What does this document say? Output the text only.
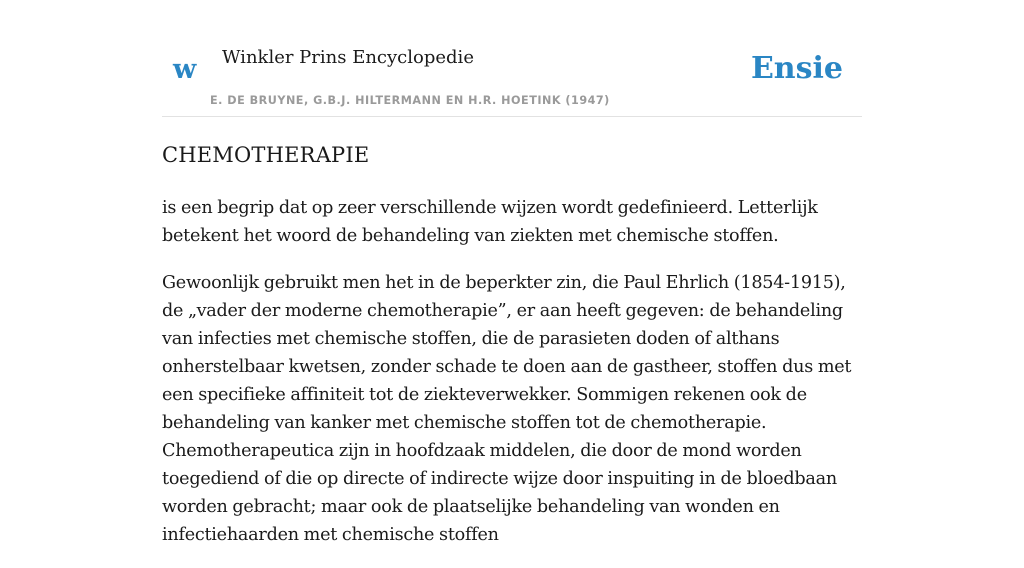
w Winkler Prins Encyclopedie
E. DE BRUYNE, G.B.J. HILTERMANN EN H.R. HOETINK (1947)
Ensie
CHEMOTHERAPIE

is een begrip dat op zeer verschillende wijzen wordt gedefinieerd. Letterlijk betekent het woord de behandeling van ziekten met chemische stoffen.

Gewoonlijk gebruikt men het in de beperkter zin, die Paul Ehrlich (1854-1915), de „vader der moderne chemotherapie”, er aan heeft gegeven: de behandeling van infecties met chemische stoffen, die de parasieten doden of althans onherstelbaar kwetsen, zonder schade te doen aan de gastheer, stoffen dus met een specifieke affiniteit tot de ziekteverwekker. Sommigen rekenen ook de behandeling van kanker met chemische stoffen tot de chemotherapie. Chemotherapeutica zijn in hoofdzaak middelen, die door de mond worden toegediend of die op directe of indirecte wijze door inspuiting in de bloedbaan worden gebracht; maar ook de plaatselijke behandeling van wonden en infectiehaarden met chemische stoffen
